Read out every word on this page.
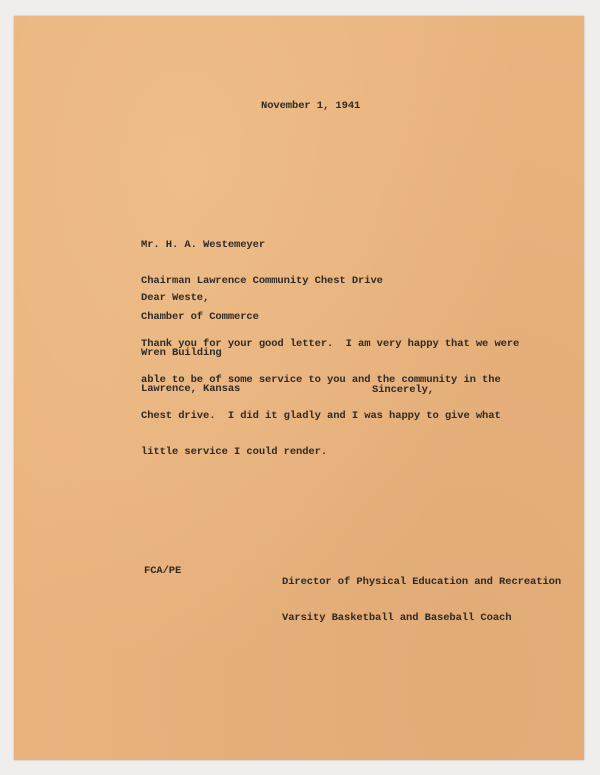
November 1, 1941

Mr. H. A. Westemeyer

Chairman Lawrence Community Chest Drive

Chamber of Commerce

Wren Building

Lawrence, Kansas

Dear Weste,

Thank you for your good letter.  I am very happy that we were

able to be of some service to you and the community in the

Chest drive.  I did it gladly and I was happy to give what

little service I could render.

Sincerely,
FCA/PE

Director of Physical Education and Recreation

Varsity Basketball and Baseball Coach
